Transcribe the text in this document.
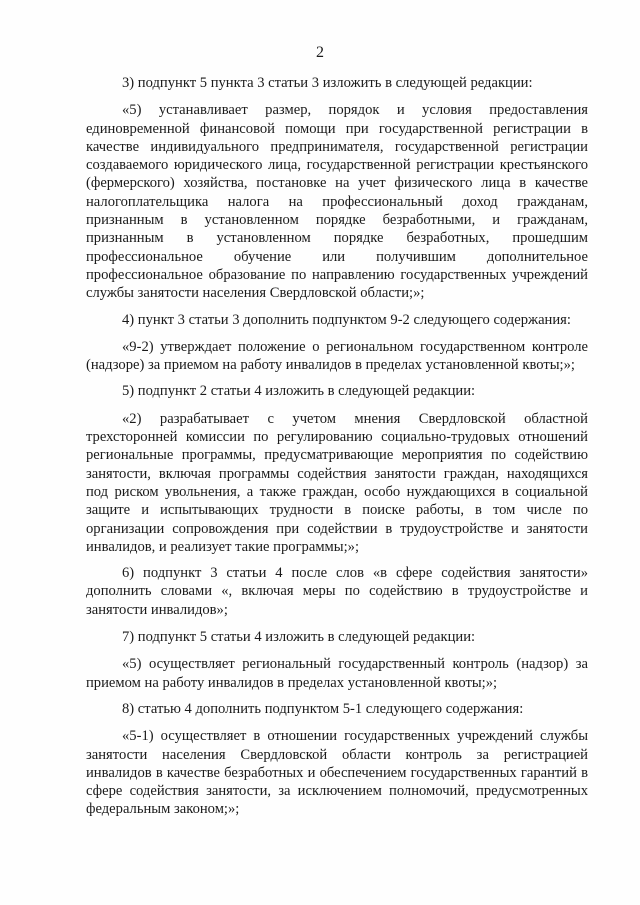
2

3) подпункт 5 пункта 3 статьи 3 изложить в следующей редакции:

«5) устанавливает размер, порядок и условия предоставления единовременной финансовой помощи при государственной регистрации в качестве индивидуального предпринимателя, государственной регистрации создаваемого юридического лица, государственной регистрации крестьянского (фермерского) хозяйства, постановке на учет физического лица в качестве налогоплательщика налога на профессиональный доход гражданам, признанным в установленном порядке безработными, и гражданам, признанным в установленном порядке безработных, прошедшим профессиональное обучение или получившим дополнительное профессиональное образование по направлению государственных учреждений службы занятости населения Свердловской области;»;

4) пункт 3 статьи 3 дополнить подпунктом 9-2 следующего содержания:

«9-2) утверждает положение о региональном государственном контроле (надзоре) за приемом на работу инвалидов в пределах установленной квоты;»;

5) подпункт 2 статьи 4 изложить в следующей редакции:

«2) разрабатывает с учетом мнения Свердловской областной трехсторонней комиссии по регулированию социально-трудовых отношений региональные программы, предусматривающие мероприятия по содействию занятости, включая программы содействия занятости граждан, находящихся под риском увольнения, а также граждан, особо нуждающихся в социальной защите и испытывающих трудности в поиске работы, в том числе по организации сопровождения при содействии в трудоустройстве и занятости инвалидов, и реализует такие программы;»;

6) подпункт 3 статьи 4 после слов «в сфере содействия занятости» дополнить словами «, включая меры по содействию в трудоустройстве и занятости инвалидов»;

7) подпункт 5 статьи 4 изложить в следующей редакции:

«5) осуществляет региональный государственный контроль (надзор) за приемом на работу инвалидов в пределах установленной квоты;»;

8) статью 4 дополнить подпунктом 5-1 следующего содержания:

«5-1) осуществляет в отношении государственных учреждений службы занятости населения Свердловской области контроль за регистрацией инвалидов в качестве безработных и обеспечением государственных гарантий в сфере содействия занятости, за исключением полномочий, предусмотренных федеральным законом;»;
